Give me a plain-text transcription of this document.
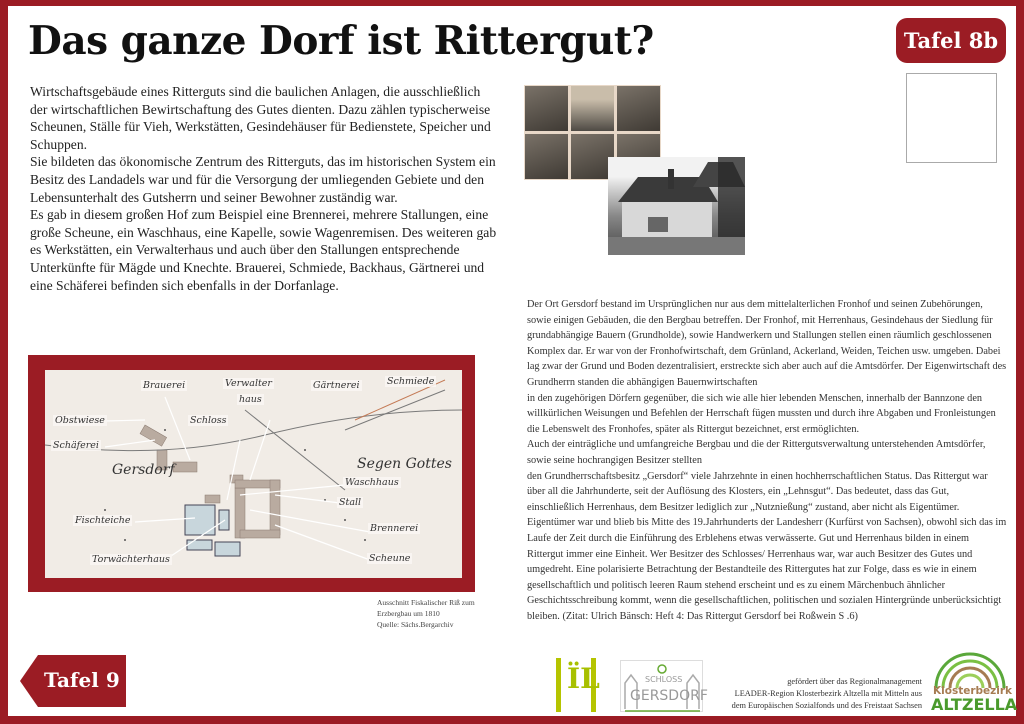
Das ganze Dorf ist Rittergut?	Tafel 8b

Wirtschaftsgebäude eines Ritterguts sind die baulichen Anlagen, die ausschließlich der wirtschaftlichen Bewirtschaftung des Gutes dienten. Dazu zählen typischerweise Scheunen, Ställe für Vieh, Werkstätten, Gesindehäuser für Bedienstete, Speicher und Schuppen.

Sie bildeten das ökonomische Zentrum des Ritterguts, das im historischen System ein Besitz des Landadels war und für die Versorgung der umliegenden Gebiete und den Lebensunterhalt des Gutsherrn und seiner Bewohner zuständig war.

Es gab in diesem großen Hof zum Beispiel eine Brennerei, mehrere Stallungen, eine große Scheune, ein Waschhaus, eine Kapelle, sowie Wagenremisen. Des weiteren gab es Werkstätten, ein Verwalterhaus und auch über den Stallungen entsprechende Unterkünfte für Mägde und Knechte. Brauerei, Schmiede, Backhaus, Gärtnerei und eine Schäferei befinden sich ebenfalls in der Dorfanlage.

Der Ort Gersdorf bestand im Ursprünglichen nur aus dem mittelalterlichen Fronhof und seinen Zubehörungen, sowie einigen Gebäuden, die den Bergbau betreffen. Der Fronhof, mit Herrenhaus, Gesindehaus der Siedlung für grundabhängige Bauern (Grundholde), sowie Handwerkern und Stallungen stellen einen räumlich geschlossenen Komplex dar. Er war von der Fronhofwirtschaft, dem Grünland, Ackerland, Weiden, Teichen usw. umgeben. Dabei lag zwar der Grund und Boden dezentralisiert, erstreckte sich aber auch auf die Amtsdörfer. Der Eigenwirtschaft des Grundherrn standen die abhängigen Bauernwirtschaften
in den zugehörigen Dörfern gegenüber, die sich wie alle hier lebenden Menschen, innerhalb der Bannzone den willkürlichen Weisungen und Befehlen der Herrschaft fügen mussten und durch ihre Abgaben und Fronleistungen die Lebenswelt des Fronhofes, später als Rittergut bezeichnet, erst ermöglichten.
Auch der einträgliche und umfangreiche Bergbau und die der Rittergutsverwaltung unterstehenden Amtsdörfer, sowie seine hochrangigen Besitzer stellten
den Grundherrschaftsbesitz „Gersdorf“ viele Jahrzehnte in einen hochherrschaftlichen Status. Das Rittergut war über all die Jahrhunderte, seit der Auflösung des Klosters, ein „Lehnsgut“. Das bedeutet, dass das Gut, einschließlich Herrenhaus, dem Besitzer lediglich zur „Nutznießung“ zustand, aber nicht als Eigentümer. Eigentümer war und blieb bis Mitte des 19.Jahrhunderts der Landesherr (Kurfürst von Sachsen), obwohl sich das im Laufe der Zeit durch die Einführung des Erblehens etwas verwässerte. Gut und Herrenhaus bilden in einem Rittergut immer eine Einheit. Wer Besitzer des Schlosses/ Herrenhaus war, war auch Besitzer des Gutes und umgedreht. Eine polarisierte Betrachtung der Bestandteile des Rittergutes hat zur Folge, dass es wie in einem gesellschaftlich und politisch leeren Raum stehend erscheint und es zu einem Märchenbuch ähnlicher Geschichtsschreibung kommt, wenn die gesellschaftlichen, politischen und sozialen Hintergründe unberücksichtigt bleiben. (Zitat: Ulrich Bänsch: Heft 4: Das Rittergut Gersdorf bei Roßwein S .6)
Brauerei	Verwalter
haus
Gärtnerei	Schmiede
Obstwiese	Schloss
Schäferei
Gersdorf	Segen Gottes
Waschhaus
Stall
Fischteiche
Brennerei
Torwächterhaus	Scheune
Ausschnitt Fiskalischer Riß zum
Erzbergbau um 1810
Quelle: Sächs.Bergarchiv
Tafel 9	ÏL	SCHLOSS
GERSDORF
gefördert über das Regionalmanagement
LEADER-Region Klosterbezirk Altzella mit Mitteln aus
dem Europäischen Sozialfonds und des Freistaat Sachsen
Klosterbezirk
ALTZELLA
